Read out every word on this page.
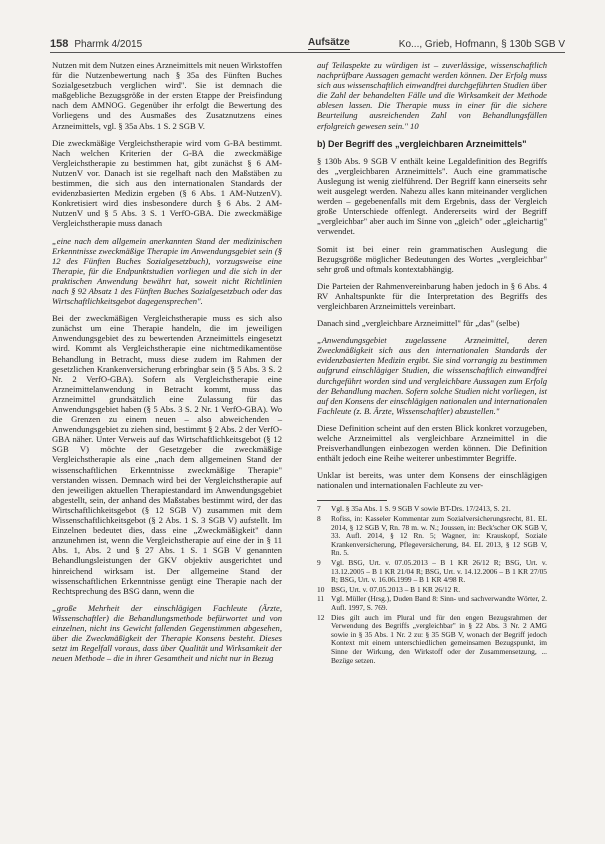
158 Pharmk 4/2015	Aufsätze	Ko..., Grieb, Hofmann, § 130b SGB V

Nutzen mit dem Nutzen eines Arzneimittels mit neuen Wirkstoffen für die Nutzenbewertung nach § 35a des Fünften Buches Sozialgesetzbuch verglichen wird". Sie ist demnach die maßgebliche Bezugsgröße in der ersten Etappe der Preisfindung nach dem AMNOG. Gegenüber ihr erfolgt die Bewertung des Vorliegens und des Ausmaßes des Zusatznutzens eines Arzneimittels, vgl. § 35a Abs. 1 S. 2 SGB V.

Die zweckmäßige Vergleichstherapie wird vom G-BA bestimmt. Nach welchen Kriterien der G-BA die zweckmäßige Vergleichstherapie zu bestimmen hat, gibt zunächst § 6 AM-NutzenV vor. Danach ist sie regelhaft nach den Maßstäben zu bestimmen, die sich aus den internationalen Standards der evidenzbasierten Medizin ergeben (§ 6 Abs. 1 AM-NutzenV). Konkretisiert wird dies insbesondere durch § 6 Abs. 2 AM-NutzenV und § 5 Abs. 3 S. 1 VerfO-GBA. Die zweckmäßige Vergleichstherapie muss danach

„eine nach dem allgemein anerkannten Stand der medizinischen Erkenntnisse zweckmäßige Therapie im Anwendungsgebiet sein (§ 12 des Fünften Buches Sozialgesetzbuch), vorzugsweise eine Therapie, für die Endpunktstudien vorliegen und die sich in der praktischen Anwendung bewährt hat, soweit nicht Richtlinien nach § 92 Absatz 1 des Fünften Buches Sozialgesetzbuch oder das Wirtschaftlichkeitsgebot dagegensprechen".

Bei der zweckmäßigen Vergleichstherapie muss es sich also zunächst um eine Therapie handeln, die im jeweiligen Anwendungsgebiet des zu bewertenden Arzneimittels eingesetzt wird. Kommt als Vergleichstherapie eine nichtmedikamentöse Behandlung in Betracht, muss diese zudem im Rahmen der gesetzlichen Krankenversicherung erbringbar sein (§ 5 Abs. 3 S. 2 Nr. 2 VerfO-GBA). Sofern als Vergleichstherapie eine Arzneimittelanwendung in Betracht kommt, muss das Arzneimittel grundsätzlich eine Zulassung für das Anwendungsgebiet haben (§ 5 Abs. 3 S. 2 Nr. 1 VerfO-GBA). Wo die Grenzen zu einem neuen – also abweichenden – Anwendungsgebiet zu ziehen sind, bestimmt § 2 Abs. 2 der VerfO-GBA näher. Unter Verweis auf das Wirtschaftlichkeitsgebot (§ 12 SGB V) möchte der Gesetzgeber die zweckmäßige Vergleichstherapie als eine „nach dem allgemeinen Stand der wissenschaftlichen Erkenntnisse zweckmäßige Therapie" verstanden wissen. Demnach wird bei der Vergleichstherapie auf den jeweiligen aktuellen Therapiestandard im Anwendungsgebiet abgestellt, sein, der anhand des Maßstabes bestimmt wird, der das Wirtschaftlichkeitsgebot (§ 12 SGB V) zusammen mit dem Wissenschaftlichkeitsgebot (§ 2 Abs. 1 S. 3 SGB V) aufstellt. Im Einzelnen bedeutet dies, dass eine „Zweckmäßigkeit" dann anzunehmen ist, wenn die Vergleichstherapie auf eine der in § 11 Abs. 1, Abs. 2 und § 27 Abs. 1 S. 1 SGB V genannten Behandlungsleistungen der GKV objektiv ausgerichtet und hinreichend wirksam ist. Der allgemeine Stand der wissenschaftlichen Erkenntnisse genügt eine Therapie nach der Rechtsprechung des BSG dann, wenn die

„große Mehrheit der einschlägigen Fachleute (Ärzte, Wissenschaftler) die Behandlungsmethode befürwortet und von einzelnen, nicht ins Gewicht fallenden Gegenstimmen abgesehen, über die Zweckmäßigkeit der Therapie Konsens besteht. Dieses setzt im Regelfall voraus, dass über Qualität und Wirksamkeit der neuen Methode – die in ihrer Gesamtheit und nicht nur in Bezug

auf Teilaspekte zu würdigen ist – zuverlässige, wissenschaftlich nachprüfbare Aussagen gemacht werden können. Der Erfolg muss sich aus wissenschaftlich einwandfrei durchgeführten Studien über die Zahl der behandelten Fälle und die Wirksamkeit der Methode ablesen lassen. Die Therapie muss in einer für die sichere Beurteilung ausreichenden Zahl von Behandlungsfällen erfolgreich gewesen sein." 10

b) Der Begriff des „vergleichbaren Arzneimittels"

§ 130b Abs. 9 SGB V enthält keine Legaldefinition des Begriffs des „vergleichbaren Arzneimittels". Auch eine grammatische Auslegung ist wenig zielführend. Der Begriff kann einerseits sehr weit ausgelegt werden. Nahezu alles kann miteinander verglichen werden – gegebenenfalls mit dem Ergebnis, dass der Vergleich große Unterschiede offenlegt. Andererseits wird der Begriff „vergleichbar" aber auch im Sinne von „gleich" oder „gleichartig" verwendet.

Somit ist bei einer rein grammatischen Auslegung die Bezugsgröße möglicher Bedeutungen des Wortes „vergleichbar" sehr groß und oftmals kontextabhängig.

Die Parteien der Rahmenvereinbarung haben jedoch in § 6 Abs. 4 RV Anhaltspunkte für die Interpretation des Begriffs des vergleichbaren Arzneimittels vereinbart.

Danach sind „vergleichbare Arzneimittel" für „das" (selbe)

„Anwendungsgebiet zugelassene Arzneimittel, deren Zweckmäßigkeit sich aus den internationalen Standards der evidenzbasierten Medizin ergibt. Sie sind vorrangig zu bestimmen aufgrund einschlägiger Studien, die wissenschaftlich einwandfrei durchgeführt worden sind und vergleichbare Aussagen zum Erfolg der Behandlung machen. Sofern solche Studien nicht vorliegen, ist auf den Konsens der einschlägigen nationalen und internationalen Fachleute (z. B. Ärzte, Wissenschaftler) abzustellen."

Diese Definition scheint auf den ersten Blick konkret vorzugeben, welche Arzneimittel als vergleichbare Arzneimittel in die Preisverhandlungen einbezogen werden können. Die Definition enthält jedoch eine Reihe weiterer unbestimmter Begriffe.

Unklar ist bereits, was unter dem Konsens der einschlägigen nationalen und internationalen Fachleute zu ver-

7	Vgl. § 35a Abs. 1 S. 9 SGB V sowie BT-Drs. 17/2413, S. 21.
8	Rofiss, in: Kasseler Kommentar zum Sozialversicherungsrecht, 81. EL 2014, § 12 SGB V, Rn. 78 m. w. N.; Joussen, in: Beck'scher OK SGB V, 33. Aufl. 2014, § 12 Rn. 5; Wagner, in: Krauskopf, Soziale Krankenversicherung, Pflegeversicherung, 84. EL 2013, § 12 SGB V, Rn. 5.
9	Vgl. BSG, Urt. v. 07.05.2013 – B 1 KR 26/12 R; BSG, Urt. v. 13.12.2005 – B 1 KR 21/04 R; BSG, Urt. v. 14.12.2006 – B 1 KR 27/05 R; BSG, Urt. v. 16.06.1999 – B 1 KR 4/98 R.
10 BSG, Urt. v. 07.05.2013 – B 1 KR 26/12 R.
11 Vgl. Müller (Hrsg.), Duden Band 8: Sinn- und sachverwandte Wörter, 2. Aufl. 1997, S. 769.
12 Dies gilt auch im Plural und für den engen Bezugsrahmen der Verwendung des Begriffs „vergleichbar" in § 22 Abs. 3 Nr. 2 AMG sowie in § 35 Abs. 1 Nr. 2 zu: § 35 SGB V, wonach der Begriff jedoch Kontext mit einem unterschiedlichen gemeinsamen Bezugspunkt, im Sinne der Wirkung, den Wirkstoff oder der Zusammensetzung, ... Bezüge setzen.
